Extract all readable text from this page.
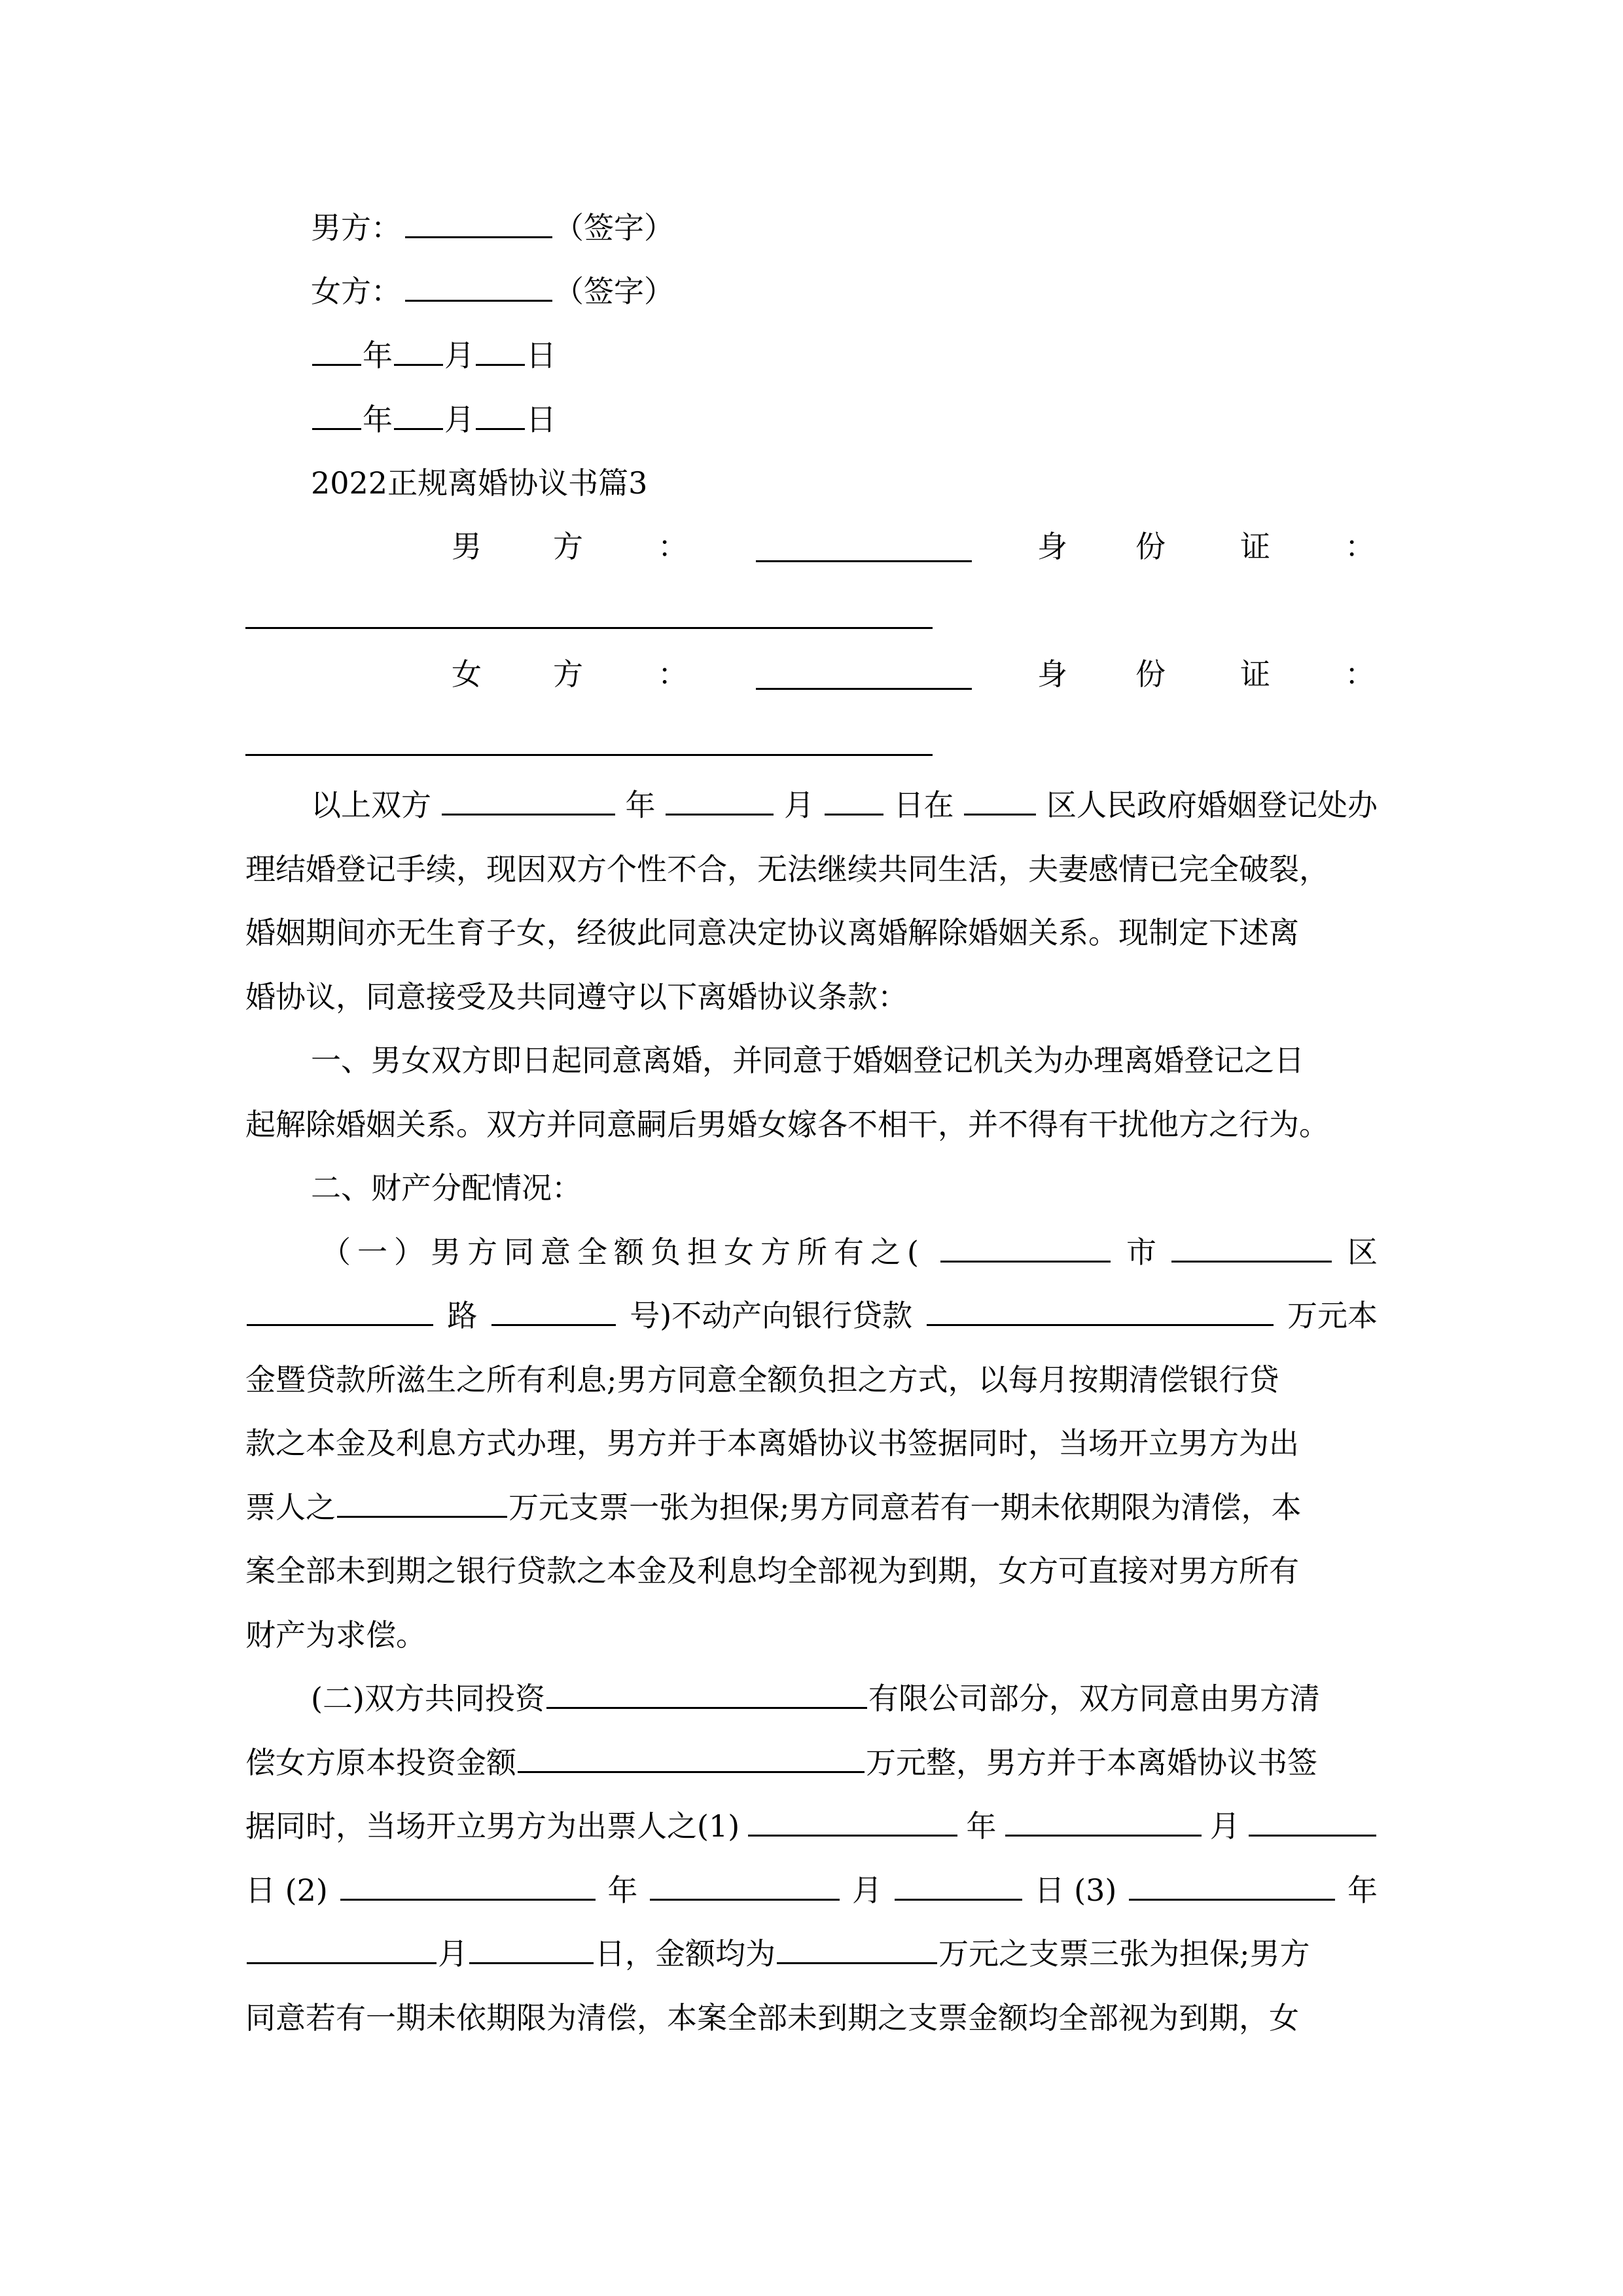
男方：	（签字）
女方：	（签字）
年 月 日
年 月 日
2022正规离婚协议书篇3
男 方 ：	身 份 证 ：
女 方 ：	身 份 证 ：
以上双方	年	月	日在	区人民政府婚姻登记处办
理结婚登记手续，现因双方个性不合，无法继续共同生活，夫妻感情已完全破裂，
婚姻期间亦无生育子女，经彼此同意决定协议离婚解除婚姻关系。现制定下述离
婚协议，同意接受及共同遵守以下离婚协议条款：
一、男女双方即日起同意离婚，并同意于婚姻登记机关为办理离婚登记之日
起解除婚姻关系。双方并同意嗣后男婚女嫁各不相干，并不得有干扰他方之行为。
二、财产分配情况：
（一）男方同意全额负担女方所有之(	市	区
路	号)不动产向银行贷款	万元本
金暨贷款所滋生之所有利息;男方同意全额负担之方式，以每月按期清偿银行贷
款之本金及利息方式办理，男方并于本离婚协议书签据同时，当场开立男方为出
票人之	万元支票一张为担保;男方同意若有一期未依期限为清偿，本
案全部未到期之银行贷款之本金及利息均全部视为到期，女方可直接对男方所有
财产为求偿。
(二)双方共同投资	有限公司部分，双方同意由男方清
偿女方原本投资金额	万元整，男方并于本离婚协议书签
据同时，当场开立男方为出票人之(1)	年	月
日 (2)	年	月	日 (3)	年
月	日，金额均为	万元之支票三张为担保;男方
同意若有一期未依期限为清偿，本案全部未到期之支票金额均全部视为到期，女
